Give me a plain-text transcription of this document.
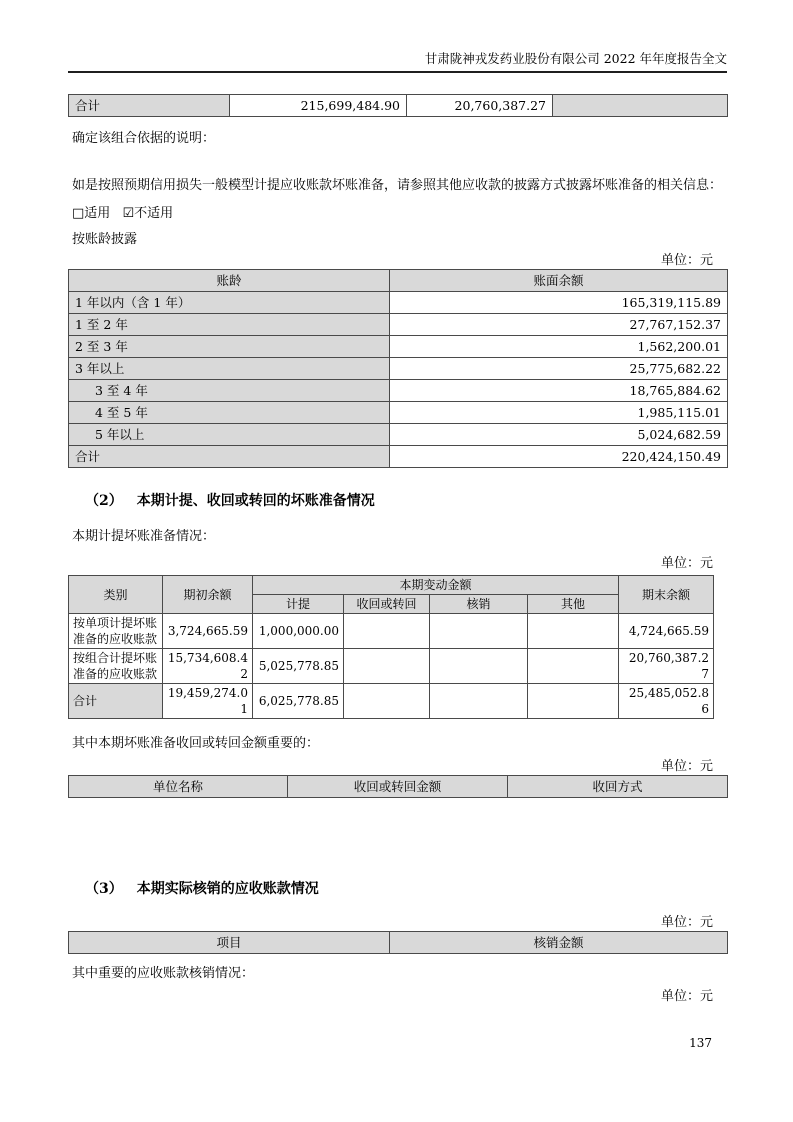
甘肃陇神戎发药业股份有限公司 2022 年年度报告全文
合计	215,699,484.90	20,760,387.27	

确定该组合依据的说明：

如是按照预期信用损失一般模型计提应收账款坏账准备，请参照其他应收款的披露方式披露坏账准备的相关信息：

□适用 ☑不适用

按账龄披露

单位：元
账龄	账面余额
1 年以内（含 1 年）	165,319,115.89
1 至 2 年	27,767,152.37
2 至 3 年	1,562,200.01
3 年以上	25,775,682.22
3 至 4 年	18,765,884.62
4 至 5 年	1,985,115.01
5 年以上	5,024,682.59
合计	220,424,150.49
（2） 本期计提、收回或转回的坏账准备情况

本期计提坏账准备情况：

单位：元
类别	期初余额	本期变动金额				期末余额
		计提	收回或转回	核销	其他	
按单项计提坏账准备的应收账款	3,724,665.59	1,000,000.00				4,724,665.59
按组合计提坏账准备的应收账款	15,734,608.42	5,025,778.85				20,760,387.27
合计	19,459,274.01	6,025,778.85				25,485,052.86

其中本期坏账准备收回或转回金额重要的：

单位：元
单位名称	收回或转回金额	收回方式
（3） 本期实际核销的应收账款情况
单位：元
项目	核销金额

其中重要的应收账款核销情况：

单位：元
137
